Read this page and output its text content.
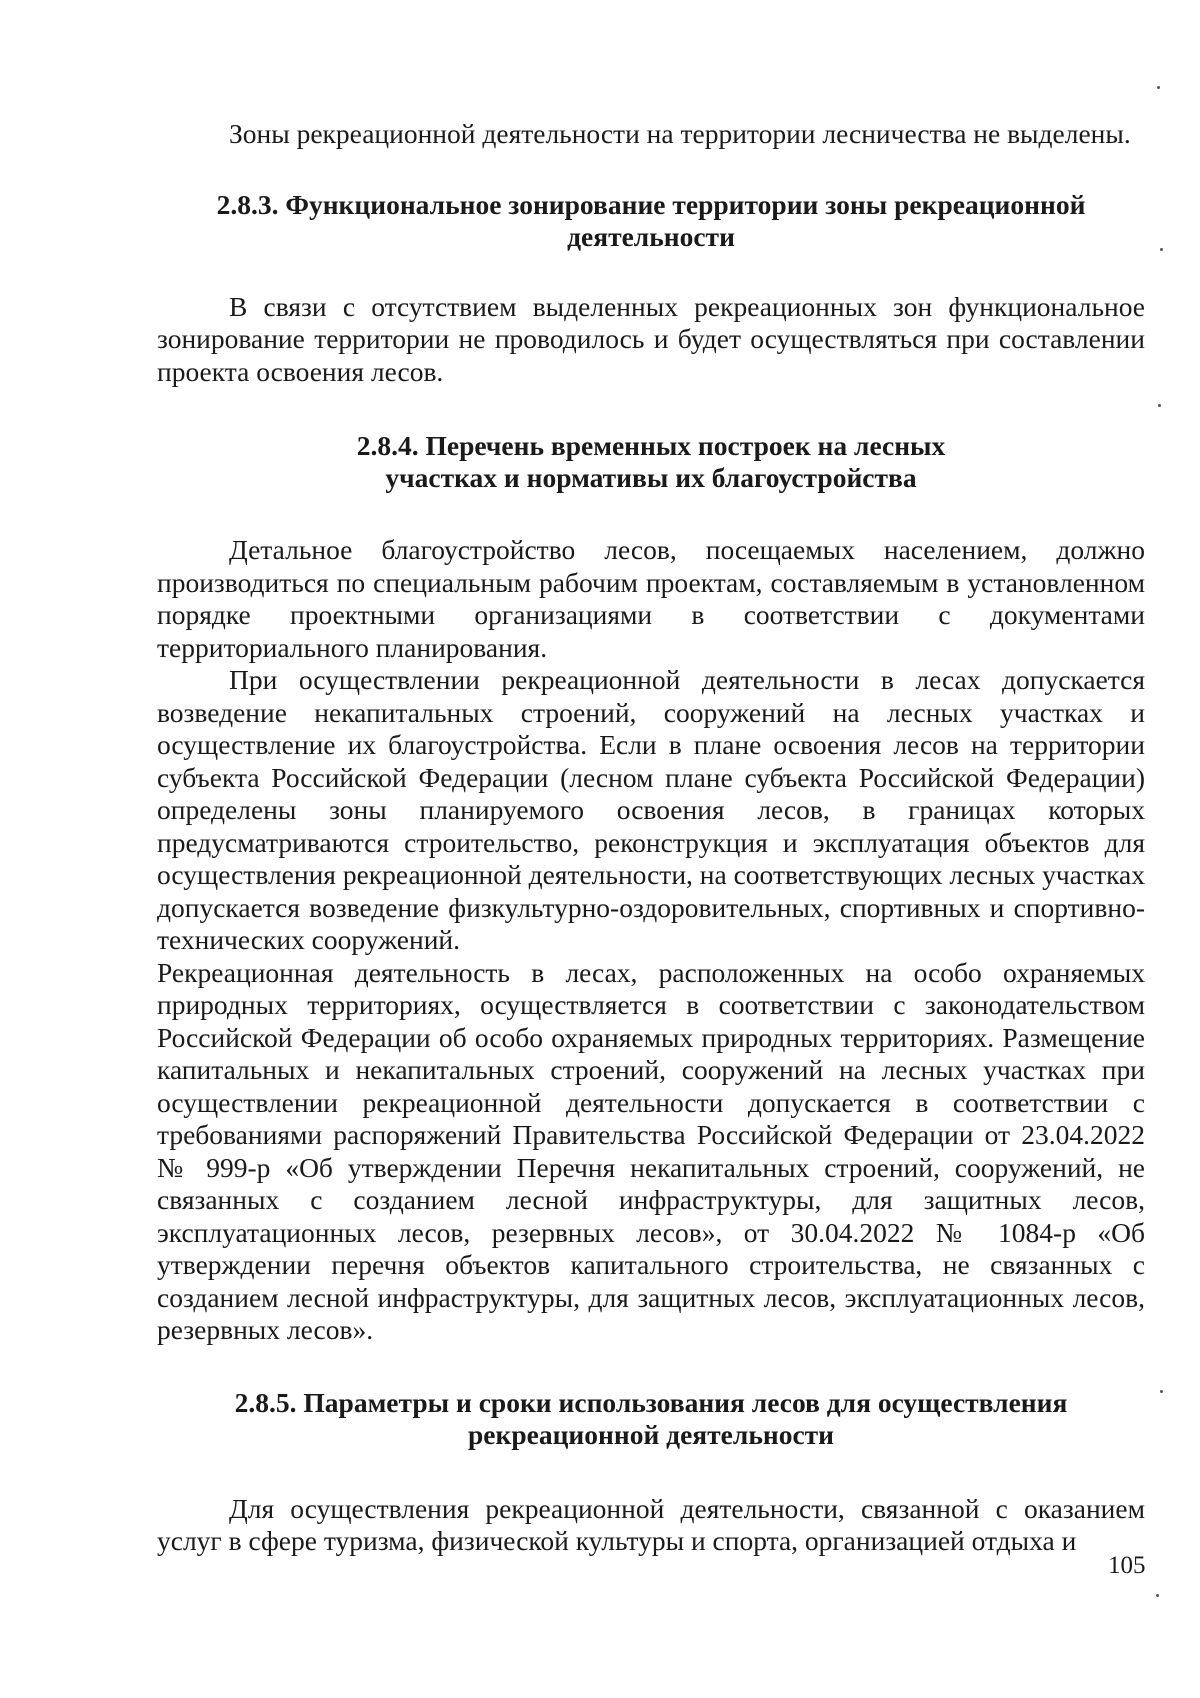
Зоны рекреационной деятельности на территории лесничества не выделены.

2.8.3. Функциональное зонирование территории зоны рекреационной деятельности

В связи с отсутствием выделенных рекреационных зон функциональное зонирование территории не проводилось и будет осуществляться при составлении проекта освоения лесов.

2.8.4. Перечень временных построек на лесных участках и нормативы их благоустройства

Детальное благоустройство лесов, посещаемых населением, должно производиться по специальным рабочим проектам, составляемым в установленном порядке проектными организациями в соответствии с документами территориального планирования.

При осуществлении рекреационной деятельности в лесах допускается возведение некапитальных строений, сооружений на лесных участках и осуществление их благоустройства. Если в плане освоения лесов на территории субъекта Российской Федерации (лесном плане субъекта Российской Федерации) определены зоны планируемого освоения лесов, в границах которых предусматриваются строительство, реконструкция и эксплуатация объектов для осуществления рекреационной деятельности, на соответствующих лесных участках допускается возведение физкультурно-оздоровительных, спортивных и спортивно-технических сооружений.

Рекреационная деятельность в лесах, расположенных на особо охраняемых природных территориях, осуществляется в соответствии с законодательством Российской Федерации об особо охраняемых природных территориях. Размещение капитальных и некапитальных строений, сооружений на лесных участках при осуществлении рекреационной деятельности допускается в соответствии с требованиями распоряжений Правительства Российской Федерации от 23.04.2022 № 999-р «Об утверждении Перечня некапитальных строений, сооружений, не связанных с созданием лесной инфраструктуры, для защитных лесов, эксплуатационных лесов, резервных лесов», от 30.04.2022 № 1084-р «Об утверждении перечня объектов капитального строительства, не связанных с созданием лесной инфраструктуры, для защитных лесов, эксплуатационных лесов, резервных лесов».

2.8.5. Параметры и сроки использования лесов для осуществления рекреационной деятельности

Для осуществления рекреационной деятельности, связанной с оказанием услуг в сфере туризма, физической культуры и спорта, организацией отдыха и

105
